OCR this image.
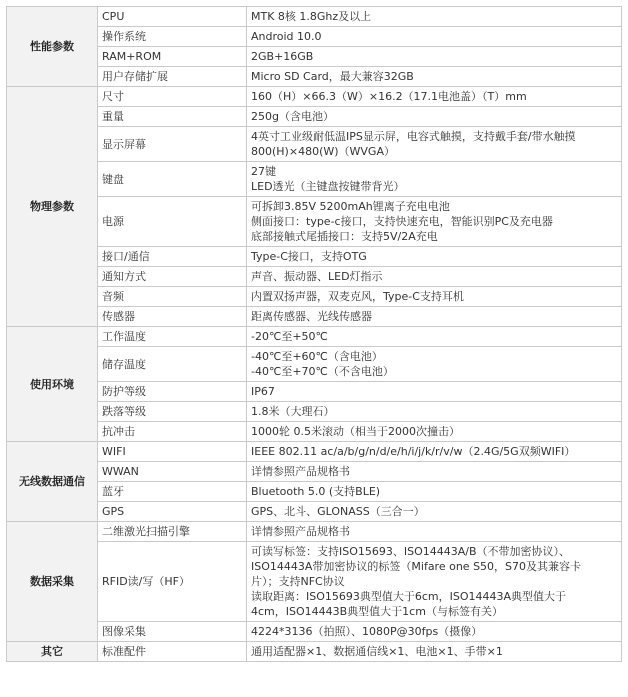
性能参数	CPU	MTK 8核 1.8Ghz及以上

	操作系统	Android 10.0

	RAM+ROM	2GB+16GB

	用户存储扩展	Micro SD Card，最大兼容32GB

物理参数	尺寸	160（H）×66.3（W）×16.2（17.1电池盖）（T）mm

	重量	250g（含电池）

	显示屏幕	4英寸工业级耐低温IPS显示屏，电容式触摸，支持戴手套/带水触摸
800(H)×480(W)（WVGA）

	键盘	27键
LED透光（主键盘按键带背光）

	电源	可拆卸3.85V 5200mAh锂离子充电电池
侧面接口：type-c接口，支持快速充电，智能识别PC及充电器
底部接触式尾插接口：支持5V/2A充电

	接口/通信	Type-C接口，支持OTG

	通知方式	声音、振动器、LED灯指示

	音频	内置双扬声器，双麦克风，Type-C支持耳机

	传感器	距离传感器、光线传感器

使用环境	工作温度	-20℃至+50℃

	储存温度	-40℃至+60℃（含电池）
-40℃至+70℃（不含电池）

	防护等级	IP67

	跌落等级	1.8米（大理石）

	抗冲击	1000轮 0.5米滚动（相当于2000次撞击）

无线数据通信	WIFI	IEEE 802.11 ac/a/b/g/n/d/e/h/i/j/k/r/v/w（2.4G/5G双频WIFI）

	WWAN	详情参照产品规格书

	蓝牙	Bluetooth 5.0 (支持BLE)

	GPS	GPS、北斗、GLONASS（三合一）

数据采集	二维激光扫描引擎	详情参照产品规格书

	RFID读/写（HF）	可读写标签：支持ISO15693、ISO14443A/B（不带加密协议）、
ISO14443A带加密协议的标签（Mifare one S50，S70及其兼容卡
片）；支持NFC协议
读取距离：ISO15693典型值大于6cm，ISO14443A典型值大于
4cm，ISO14443B典型值大于1cm（与标签有关）

	图像采集	4224*3136（拍照）、1080P@30fps（摄像）

其它	标准配件	通用适配器×1、数据通信线×1、电池×1、手带×1
